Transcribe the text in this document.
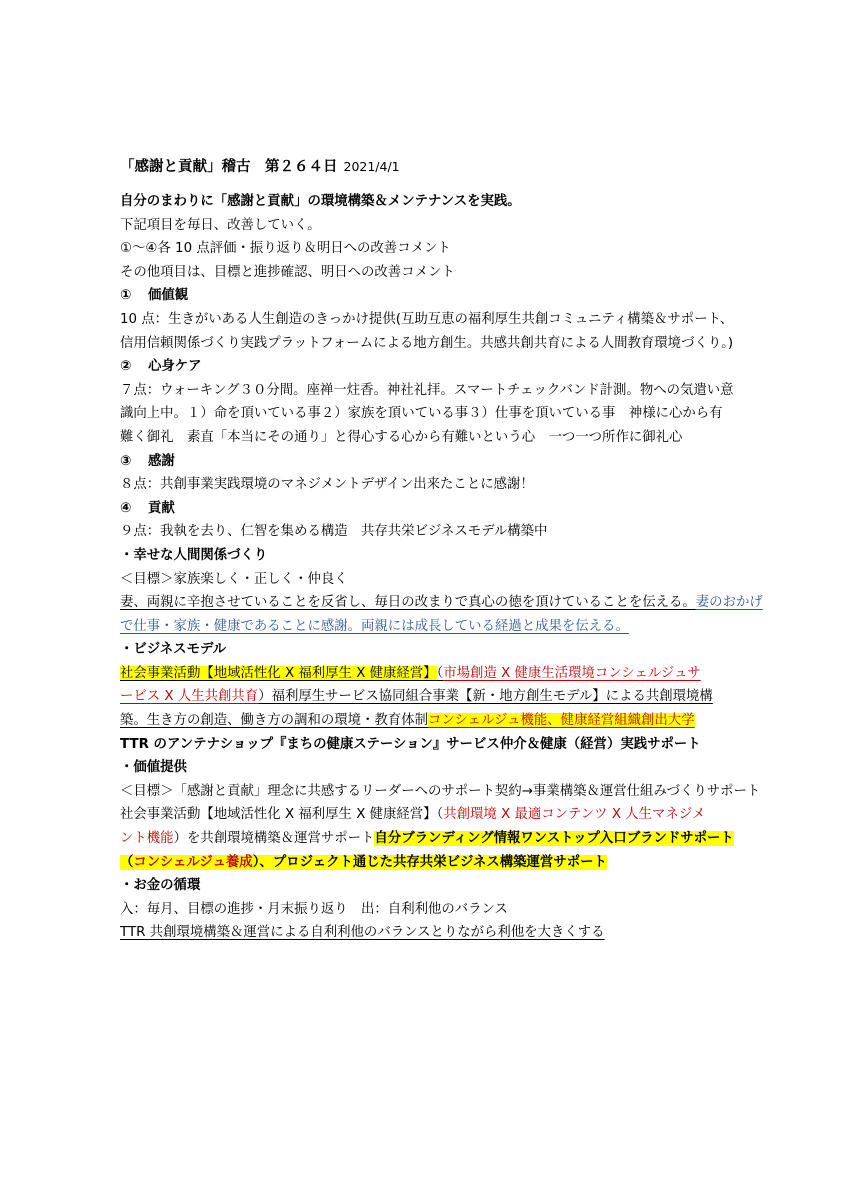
「感謝と貢献」稽古　第２６４日 2021/4/1
自分のまわりに「感謝と貢献」の環境構築＆メンテナンスを実践。
下記項目を毎日、改善していく。
①～④各 10 点評価・振り返り＆明日への改善コメント
その他項目は、目標と進捗確認、明日への改善コメント
① 価値観
10 点：生きがいある人生創造のきっかけ提供(互助互恵の福利厚生共創コミュニティ構築＆サポート、
信用信頼関係づくり実践プラットフォームによる地方創生。共感共創共育による人間教育環境づくり。)
② 心身ケア
７点：ウォーキング３０分間。座禅一炷香。神社礼拝。スマートチェックバンド計測。物への気遣い意
識向上中。１）命を頂いている事２）家族を頂いている事３）仕事を頂いている事　神様に心から有
難く御礼　素直「本当にその通り」と得心する心から有難いという心　一つ一つ所作に御礼心
③ 感謝
８点：共創事業実践環境のマネジメントデザイン出来たことに感謝！
④ 貢献
９点：我執を去り、仁智を集める構造　共存共栄ビジネスモデル構築中
・幸せな人間関係づくり
＜目標＞家族楽しく・正しく・仲良く
妻、両親に辛抱させていることを反省し、毎日の改まりで真心の徳を頂けていることを伝える。妻のおかげ
で仕事・家族・健康であることに感謝。両親には成長している経過と成果を伝える。
・ビジネスモデル
社会事業活動【地域活性化 X 福利厚生 X 健康経営】（市場創造 X 健康生活環境コンシェルジュサ
ービス X 人生共創共育）福利厚生サービス協同組合事業【新・地方創生モデル】による共創環境構
築。生き方の創造、働き方の調和の環境・教育体制コンシェルジュ機能、健康経営組織創出大学
TTR のアンテナショップ『まちの健康ステーション』サービス仲介＆健康（経営）実践サポート
・価値提供
＜目標＞「感謝と貢献」理念に共感するリーダーへのサポート契約→事業構築＆運営仕組みづくりサポート
社会事業活動【地域活性化 X 福利厚生 X 健康経営】（共創環境 X 最適コンテンツ X 人生マネジメ
ント機能）を共創環境構築＆運営サポート自分ブランディング情報ワンストップ入口ブランドサポート
（コンシェルジュ養成）、プロジェクト通じた共存共栄ビジネス構築運営サポート
・お金の循環
入：毎月、目標の進捗・月末振り返り　出：自利利他のバランス
TTR 共創環境構築＆運営による自利利他のバランスとりながら利他を大きくする
